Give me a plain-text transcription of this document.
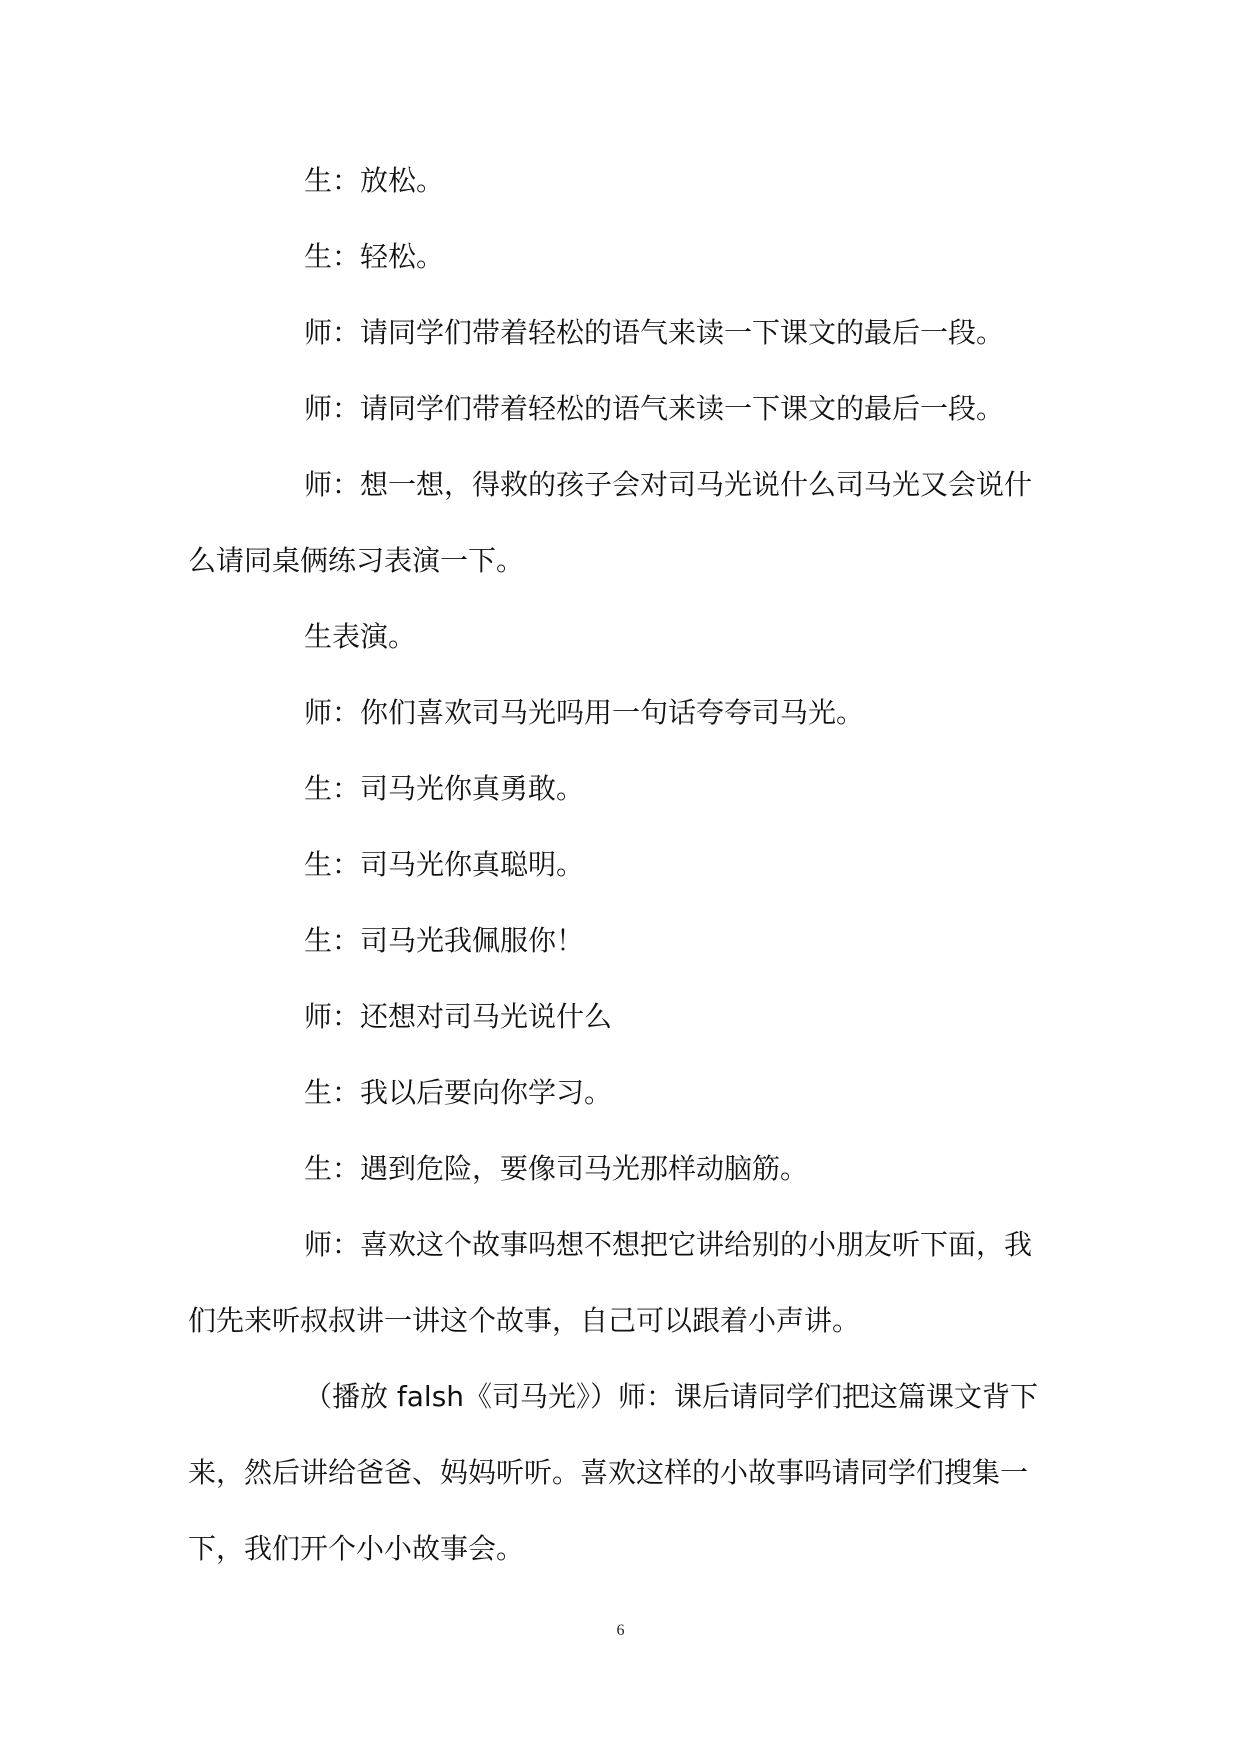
生：放松。

生：轻松。

师：请同学们带着轻松的语气来读一下课文的最后一段。

师：请同学们带着轻松的语气来读一下课文的最后一段。

师：想一想，得救的孩子会对司马光说什么司马光又会说什么请同桌俩练习表演一下。

生表演。

师：你们喜欢司马光吗用一句话夸夸司马光。

生：司马光你真勇敢。

生：司马光你真聪明。

生：司马光我佩服你！

师：还想对司马光说什么

生：我以后要向你学习。

生：遇到危险，要像司马光那样动脑筋。

师：喜欢这个故事吗想不想把它讲给别的小朋友听下面，我们先来听叔叔讲一讲这个故事，自己可以跟着小声讲。

（播放 falsh《司马光》）师：课后请同学们把这篇课文背下来，然后讲给爸爸、妈妈听听。喜欢这样的小故事吗请同学们搜集一下，我们开个小小故事会。

6
